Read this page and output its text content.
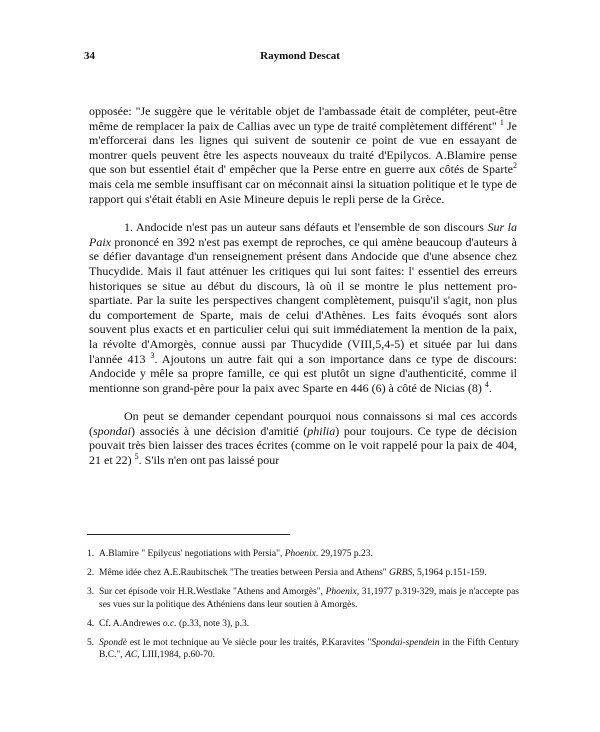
34	Raymond Descat

opposée: "Je suggère que le véritable objet de l'ambassade était de compléter, peut-être même de remplacer la paix de Callias avec un type de traité complètement différent" $^1$ Je m'efforcerai dans les lignes qui suivent de soutenir ce point de vue en essayant de montrer quels peuvent être les aspects nouveaux du traité d'Epilycos. A.Blamire pense que son but essentiel était d' empêcher que la Perse entre en guerre aux côtés de Sparte$^2$ mais cela me semble insuffisant car on méconnait ainsi la situation politique et le type de rapport qui s'était établi en Asie Mineure depuis le repli perse de la Grèce.

1. Andocide n'est pas un auteur sans défauts et l'ensemble de son discours Sur la Paix prononcé en 392 n'est pas exempt de reproches, ce qui amène beaucoup d'auteurs à se défier davantage d'un renseignement présent dans Andocide que d'une absence chez Thucydide. Mais il faut atténuer les critiques qui lui sont faites: l' essentiel des erreurs historiques se situe au début du discours, là où il se montre le plus nettement pro-spartiate. Par la suite les perspectives changent complètement, puisqu'il s'agit, non plus du comportement de Sparte, mais de celui d'Athènes. Les faits évoqués sont alors souvent plus exacts et en particulier celui qui suit immédiatement la mention de la paix, la révolte d'Amorgès, connue aussi par Thucydide (VIII,5,4-5) et située par lui dans l'année 413 $^3$. Ajoutons un autre fait qui a son importance dans ce type de discours: Andocide y mêle sa propre famille, ce qui est plutôt un signe d'authenticité, comme il mentionne son grand-père pour la paix avec Sparte en 446 (6) à côté de Nicias (8) $^4$.

On peut se demander cependant pourquoi nous connaissons si mal ces accords (spondai) associés à une décision d'amitié (philia) pour toujours. Ce type de décision pouvait très bien laisser des traces écrites (comme on le voit rappelé pour la paix de 404, 21 et 22) $^5$. S'ils n'en ont pas laissé pour

1. A.Blamire " Epilycus' negotiations with Persia", Phoenix. 29,1975 p.23.
2. Même idée chez A.E.Raubitschek "The treaties between Persia and Athens" GRBS, 5,1964 p.151-159.
3. Sur cet épisode voir H.R.Westlake "Athens and Amorgès", Phoenix, 31,1977 p.319-329, mais je n'accepte pas ses vues sur la politique des Athéniens dans leur soutien à Amorgès.
4. Cf. A.Andrewes o.c. (p.33, note 3), p.3.
5. Spondè est le mot technique au Ve siècle pour les traités, P.Karavites "Spondai-spendein in the Fifth Century B.C.", AC, LIII,1984, p.60-70.
